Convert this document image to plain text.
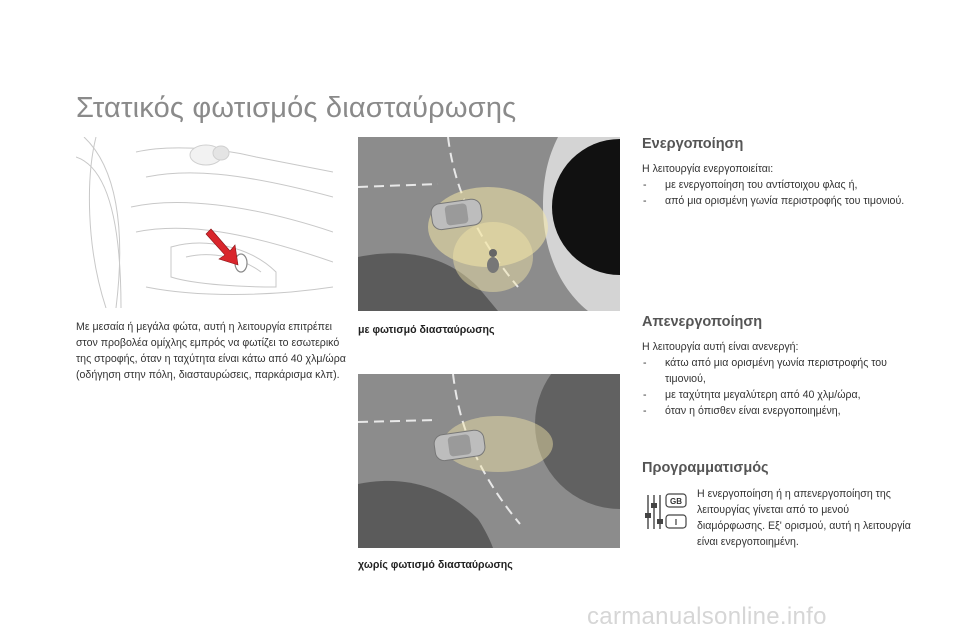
Στατικός φωτισμός διασταύρωσης
Με μεσαία ή μεγάλα φώτα, αυτή η λειτουργία επιτρέπει στον προβολέα ομίχλης εμπρός να φωτίζει το εσωτερικό της στροφής, όταν η ταχύτητα είναι κάτω από 40 χλμ/ώρα (οδήγηση στην πόλη, διασταυρώσεις, παρκάρισμα κλπ).
με φωτισμό διασταύρωσης
χωρίς φωτισμό διασταύρωσης
Ενεργοποίηση

Η λειτουργία ενεργοποιείται:

- με ενεργοποίηση του αντίστοιχου φλας ή,
- από μια ορισμένη γωνία περιστροφής του τιμονιού.
Απενεργοποίηση

Η λειτουργία αυτή είναι ανενεργή:

- κάτω από μια ορισμένη γωνία περιστροφής του τιμονιού,
- με ταχύτητα μεγαλύτερη από 40 χλμ/ώρα,
- όταν η όπισθεν είναι ενεργοποιημένη,
Προγραμματισμός
GB
I
Η ενεργοποίηση ή η απενεργοποίηση της λειτουργίας γίνεται από το μενού διαμόρφωσης. Εξ' ορισμού, αυτή η λειτουργία είναι ενεργοποιημένη.
carmanualsonline.info
